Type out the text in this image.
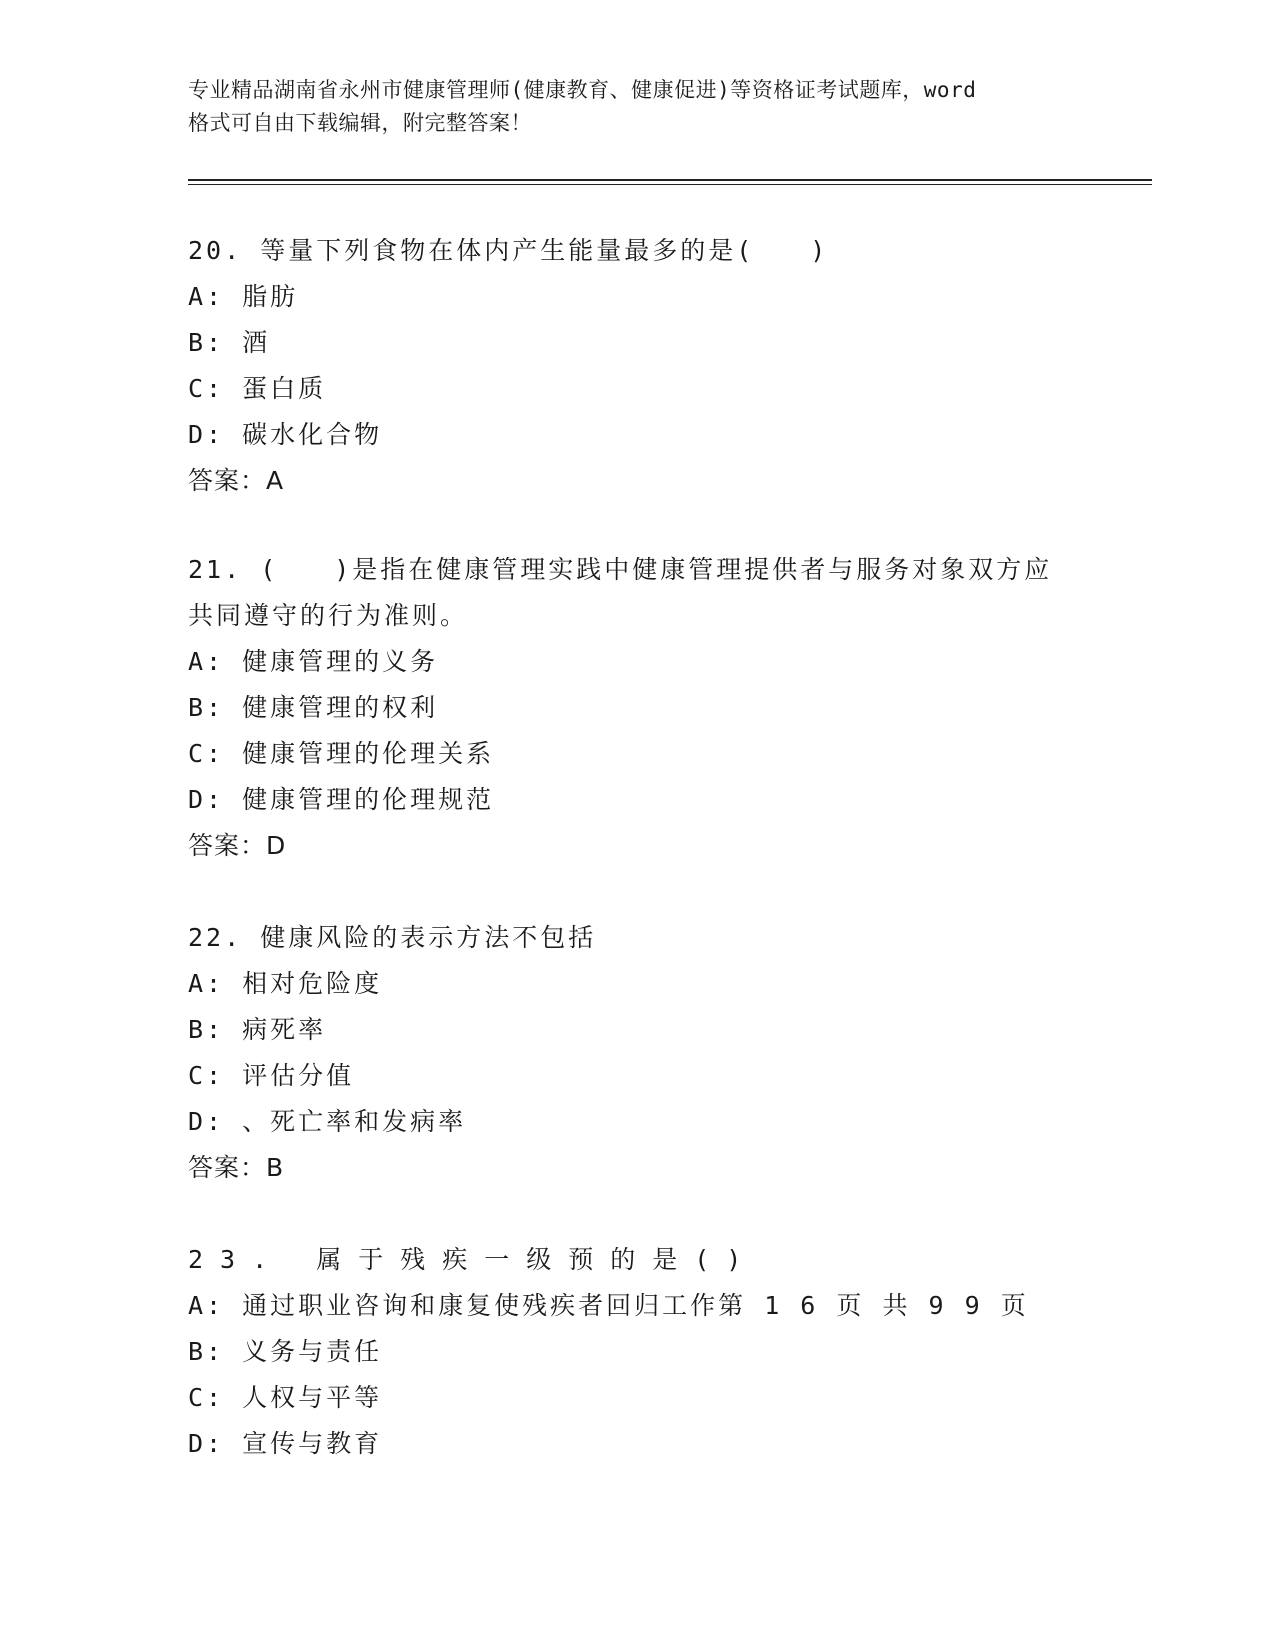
专业精品湖南省永州市健康管理师(健康教育、健康促进)等资格证考试题库，word
格式可自由下载编辑，附完整答案！
20. 等量下列食物在体内产生能量最多的是(　　)
A: 脂肪
B: 酒
C: 蛋白质
D: 碳水化合物
答案：A
21. (　　)是指在健康管理实践中健康管理提供者与服务对象双方应
共同遵守的行为准则。
A: 健康管理的义务
B: 健康管理的权利
C: 健康管理的伦理关系
D: 健康管理的伦理规范
答案：D
22. 健康风险的表示方法不包括
A: 相对危险度
B: 病死率
C: 评估分值
D: 、死亡率和发病率
答案：B
23. 属于残疾一级预的是()
A: 通过职业咨询和康复使残疾者回归工作第 1 6 页 共 9 9 页
B: 义务与责任
C: 人权与平等
D: 宣传与教育
